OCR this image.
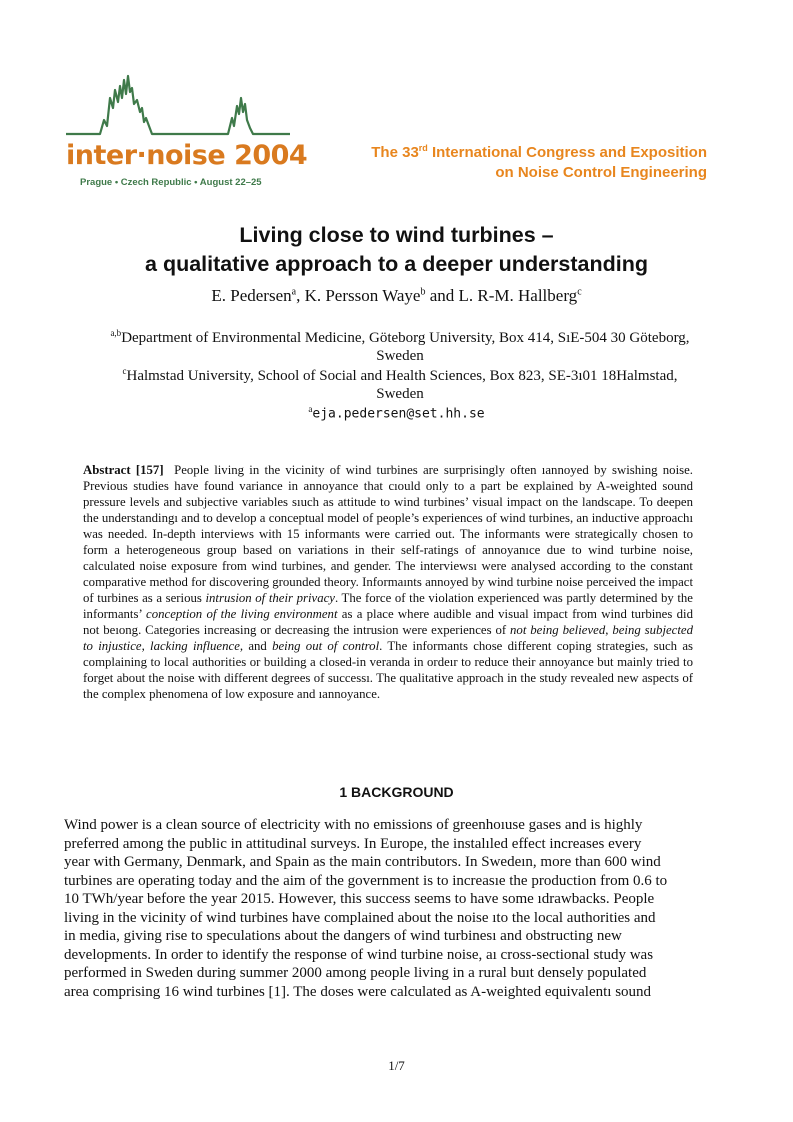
inter·noise 2004
Prague • Czech Republic • August 22–25
The 33rd International Congress and Exposition
on Noise Control Engineering
Living close to wind turbines –
a qualitative approach to a deeper understanding
E. Pedersen$^a$, K. Persson Waye$^b$ and L. R-M. Hallberg$^c$
$^{a,b}$Department of Environmental Medicine, Göteborg University, Box 414, SıE-504 30 Göteborg,
Sweden
$^c$Halmstad University, School of Social and Health Sciences, Box 823, SE-3ı01 18Halmstad,
Sweden
$^a$eja.pedersen@set.hh.se
Abstract [157] People living in the vicinity of wind turbines are surprisingly often ıannoyed by swishing noise. Previous studies have found variance in annoyance that cıould only to a part be explained by A-weighted sound pressure levels and subjective variables sıuch as attitude to wind turbines’ visual impact on the landscape. To deepen the understandingı and to develop a conceptual model of people’s experiences of wind turbines, an inductive approachı was needed. In-depth interviews with 15 informants were carried out. The informants were strategically chosen to form a heterogeneous group based on variations in their self-ratings of annoyanıce due to wind turbine noise, calculated noise exposure from wind turbines, and gender. The interviewsı were analysed according to the constant comparative method for discovering grounded theory. Informaınts annoyed by wind turbine noise perceived the impact of turbines as a serious intrusion of their privacy. The force of the violation experienced was partly determined by the informants’ conception of the living environment as a place where audible and visual impact from wind turbines did not beıong. Categories increasing or decreasing the intrusion were experiences of not being believed, being subjected to injustice, lacking influence, and being out of control. The informants chose different coping strategies, such as complaining to local authorities or building a closed-in veranda in ordeır to reduce their annoyance but mainly tried to forget about the noise with different degrees of successı. The qualitative approach in the study revealed new aspects of the complex phenomena of low exposure and ıannoyance.
1 BACKGROUND
Wind power is a clean source of electricity with no emissions of greenhoıuse gases and is highly
preferred among the public in attitudinal surveys. In Europe, the instalıled effect increases every
year with Germany, Denmark, and Spain as the main contributors. In Swedeın, more than 600 wind
turbines are operating today and the aim of the government is to increasıe the production from 0.6 to
10 TWh/year before the year 2015. However, this success seems to have some ıdrawbacks. People
living in the vicinity of wind turbines have complained about the noise ıto the local authorities and
in media, giving rise to speculations about the dangers of wind turbinesı and obstructing new
developments. In order to identify the response of wind turbine noise, aı cross-sectional study was
performed in Sweden during summer 2000 among people living in a rural buıt densely populated
area comprising 16 wind turbines [1]. The doses were calculated as A-weighted equivalentı sound
1/7
